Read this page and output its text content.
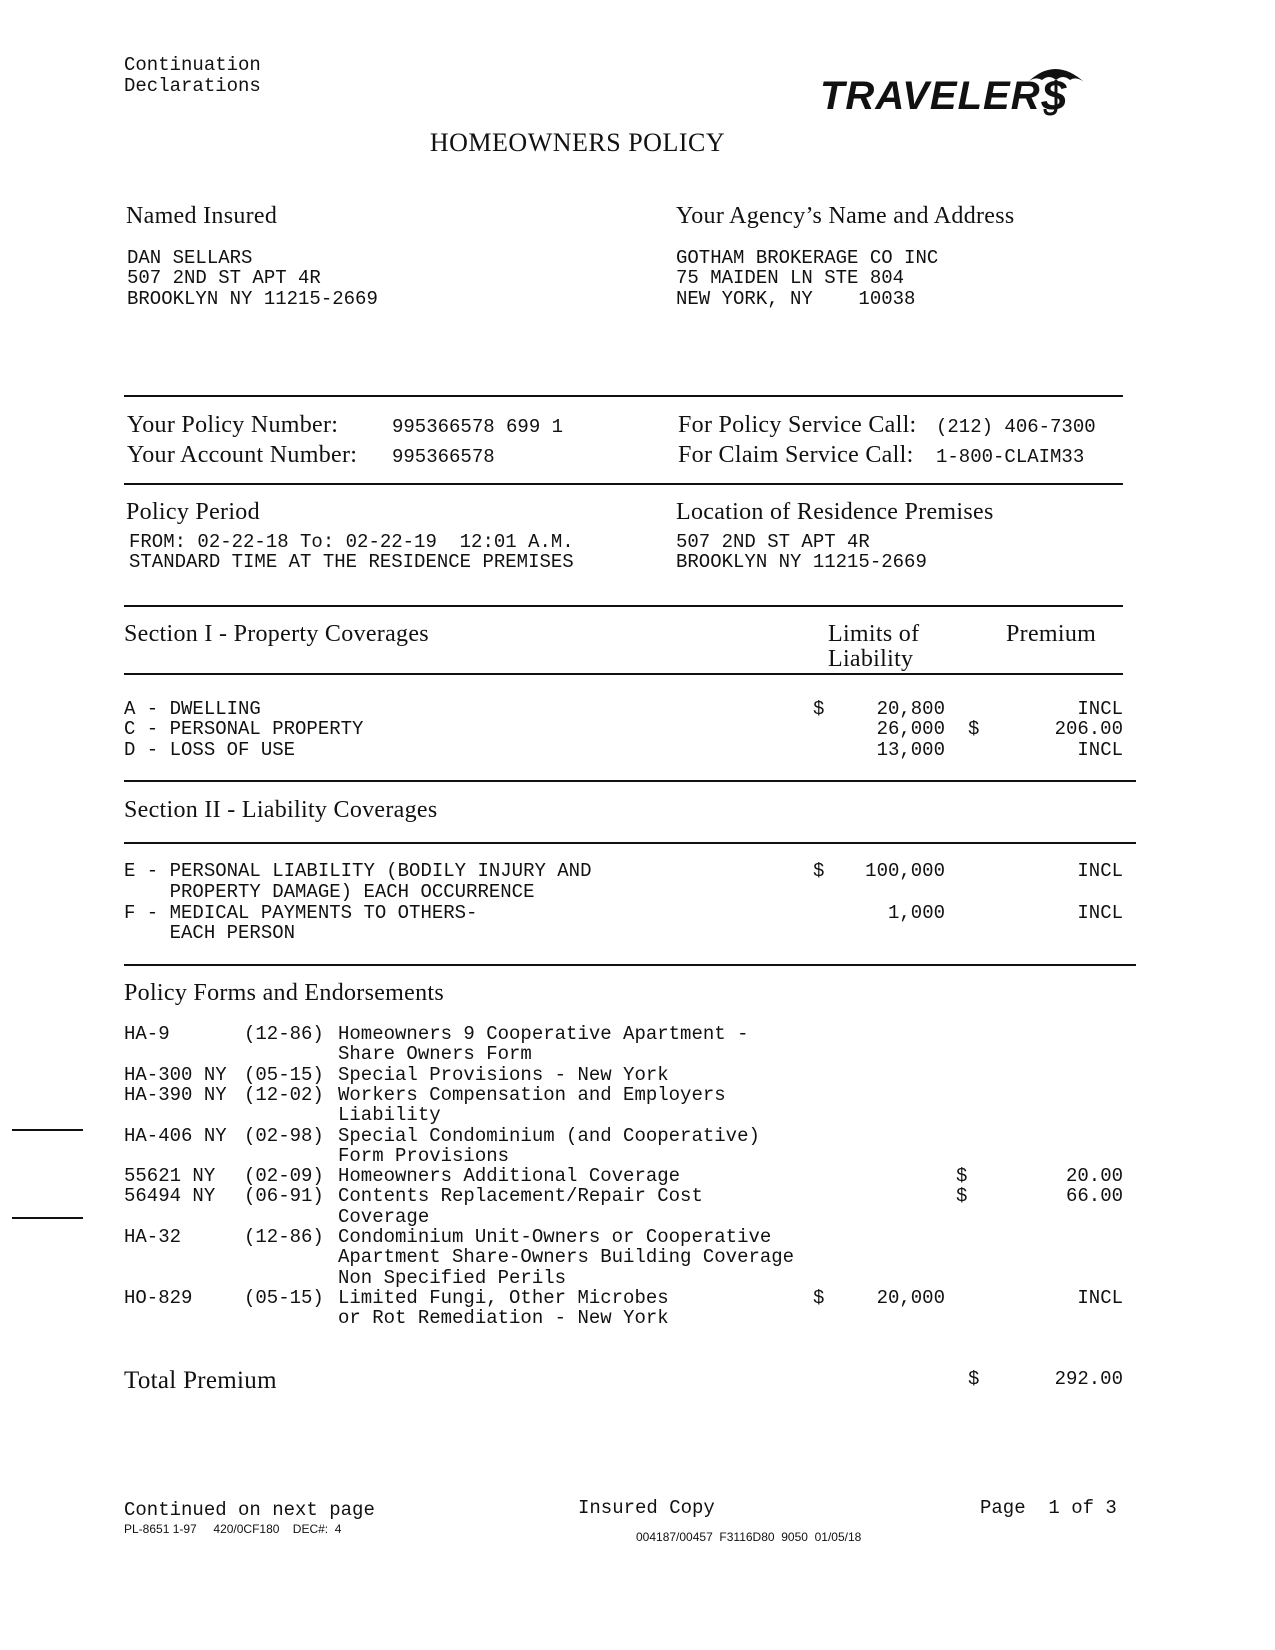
Continuation
Declarations	TRAVELERS
HOMEOWNERS POLICY
Named Insured
DAN SELLARS
507 2ND ST APT 4R
BROOKLYN NY 11215-2669
Your Agency’s Name and Address
GOTHAM BROKERAGE CO INC
75 MAIDEN LN STE 804
NEW YORK, NY    10038
Your Policy Number:	995366578 699 1
Your Account Number: 995366578
For Policy Service Call: (212) 406-7300
For Claim Service Call: 1-800-CLAIM33
Policy Period
FROM: 02-22-18 To: 02-22-19  12:01 A.M.
STANDARD TIME AT THE RESIDENCE PREMISES
Location of Residence Premises
507 2ND ST APT 4R
BROOKLYN NY 11215-2669
Section I - Property Coverages	Limits of
Liability
Premium
A - DWELLING	$	20,800	INCL
C - PERSONAL PROPERTY	26,000 $	206.00
D - LOSS OF USE	13,000	INCL
Section II - Liability Coverages
E - PERSONAL LIABILITY (BODILY INJURY AND
PROPERTY DAMAGE) EACH OCCURRENCE
$	100,000	INCL
F - MEDICAL PAYMENTS TO OTHERS-
EACH PERSON
1,000	INCL
Policy Forms and Endorsements
HA-9	(12-86) Homeowners 9 Cooperative Apartment -
Share Owners Form
HA-300 NY (05-15) Special Provisions - New York
HA-390 NY (12-02) Workers Compensation and Employers
Liability
HA-406 NY (02-98) Special Condominium (and Cooperative)
Form Provisions
55621 NY (02-09) Homeowners Additional Coverage	$	20.00
56494 NY (06-91) Contents Replacement/Repair Cost
Coverage
$	66.00
HA-32	(12-86) Condominium Unit-Owners or Cooperative
Apartment Share-Owners Building Coverage
Non Specified Perils
HO-829	(05-15) Limited Fungi, Other Microbes
or Rot Remediation - New York
$	20,000	INCL
Total Premium	$	292.00
Continued on next page
PL-8651 1-97     420/0CF180    DEC#:  4
Insured Copy
004187/00457  F3116D80  9050  01/05/18
Page  1 of 3
